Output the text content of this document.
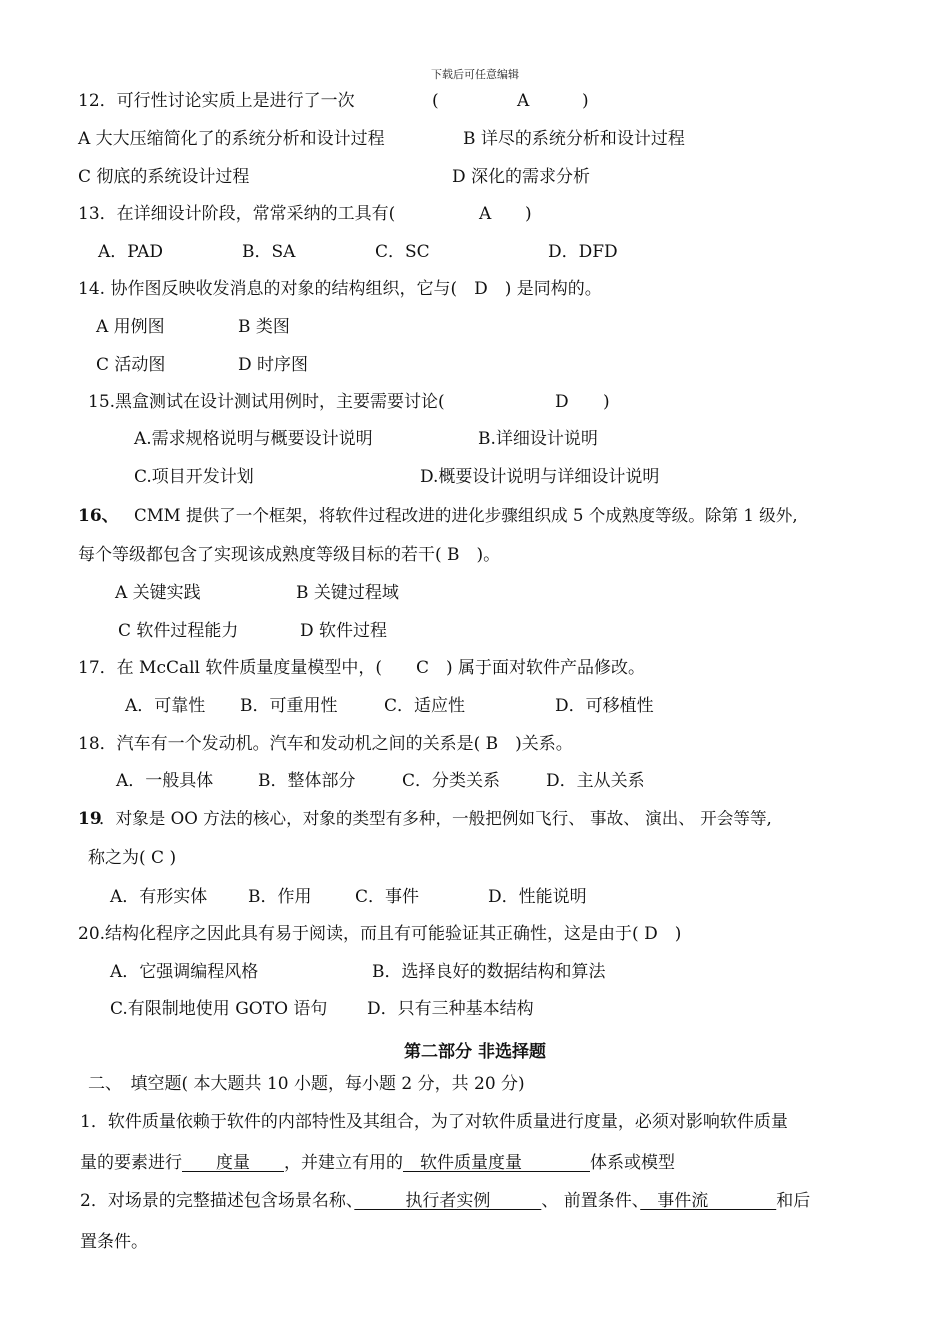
下载后可任意编辑
12．可行性讨论实质上是进行了一次	(	A	)
A 大大压缩简化了的系统分析和设计过程	B 详尽的系统分析和设计过程
C 彻底的系统设计过程	D 深化的需求分析
13．在详细设计阶段，常常采纳的工具有(	A )
A．PAD	B．SA	C．SC	D．DFD
14. 协作图反映收发消息的对象的结构组织，它与(　D　) 是同构的。
A 用例图	B 类图
C 活动图	D 时序图
15.黑盒测试在设计测试用例时，主要需要讨论(	D )
A.需求规格说明与概要设计说明	B.详细设计说明
C.项目开发计划	D.概要设计说明与详细设计说明
16、 CMM 提供了一个框架，将软件过程改进的进化步骤组织成 5 个成熟度等级。除第 1 级外,
每个等级都包含了实现该成熟度等级目标的若干( B　)。
A 关键实践	B 关键过程域
C 软件过程能力	D 软件过程
17．在 McCall 软件质量度量模型中，(　　C　) 属于面对软件产品修改。
A．可靠性 B．可重用性	C．适应性	D．可移植性
18．汽车有一个发动机。汽车和发动机之间的关系是( B　)关系。
A．一般具体	B．整体部分	C．分类关系	D．主从关系
19
．对象是 OO 方法的核心，对象的类型有多种，一般把例如飞行、 事故、 演出、 开会等等,
称之为( C )
A．有形实体 B．作用	C．事件	D．性能说明
20.结构化程序之因此具有易于阅读，而且有可能验证其正确性，这是由于( D　)
A．它强调编程风格	B．选择良好的数据结构和算法
C.有限制地使用 GOTO 语句 D．只有三种基本结构
第二部分 非选择题
二、　填空题( 本大题共 10 小题，每小题 2 分，共 20 分)
1．软件质量依赖于软件的内部特性及其组合，为了对软件质量进行度量，必须对影响软件质量
量的要素进行　　度量　　，并建立有用的　软件质量度量　　　　体系或模型
2．对场景的完整描述包含场景名称、　　　执行者实例　　　、 前置条件、　事件流　　　　和后
置条件。
